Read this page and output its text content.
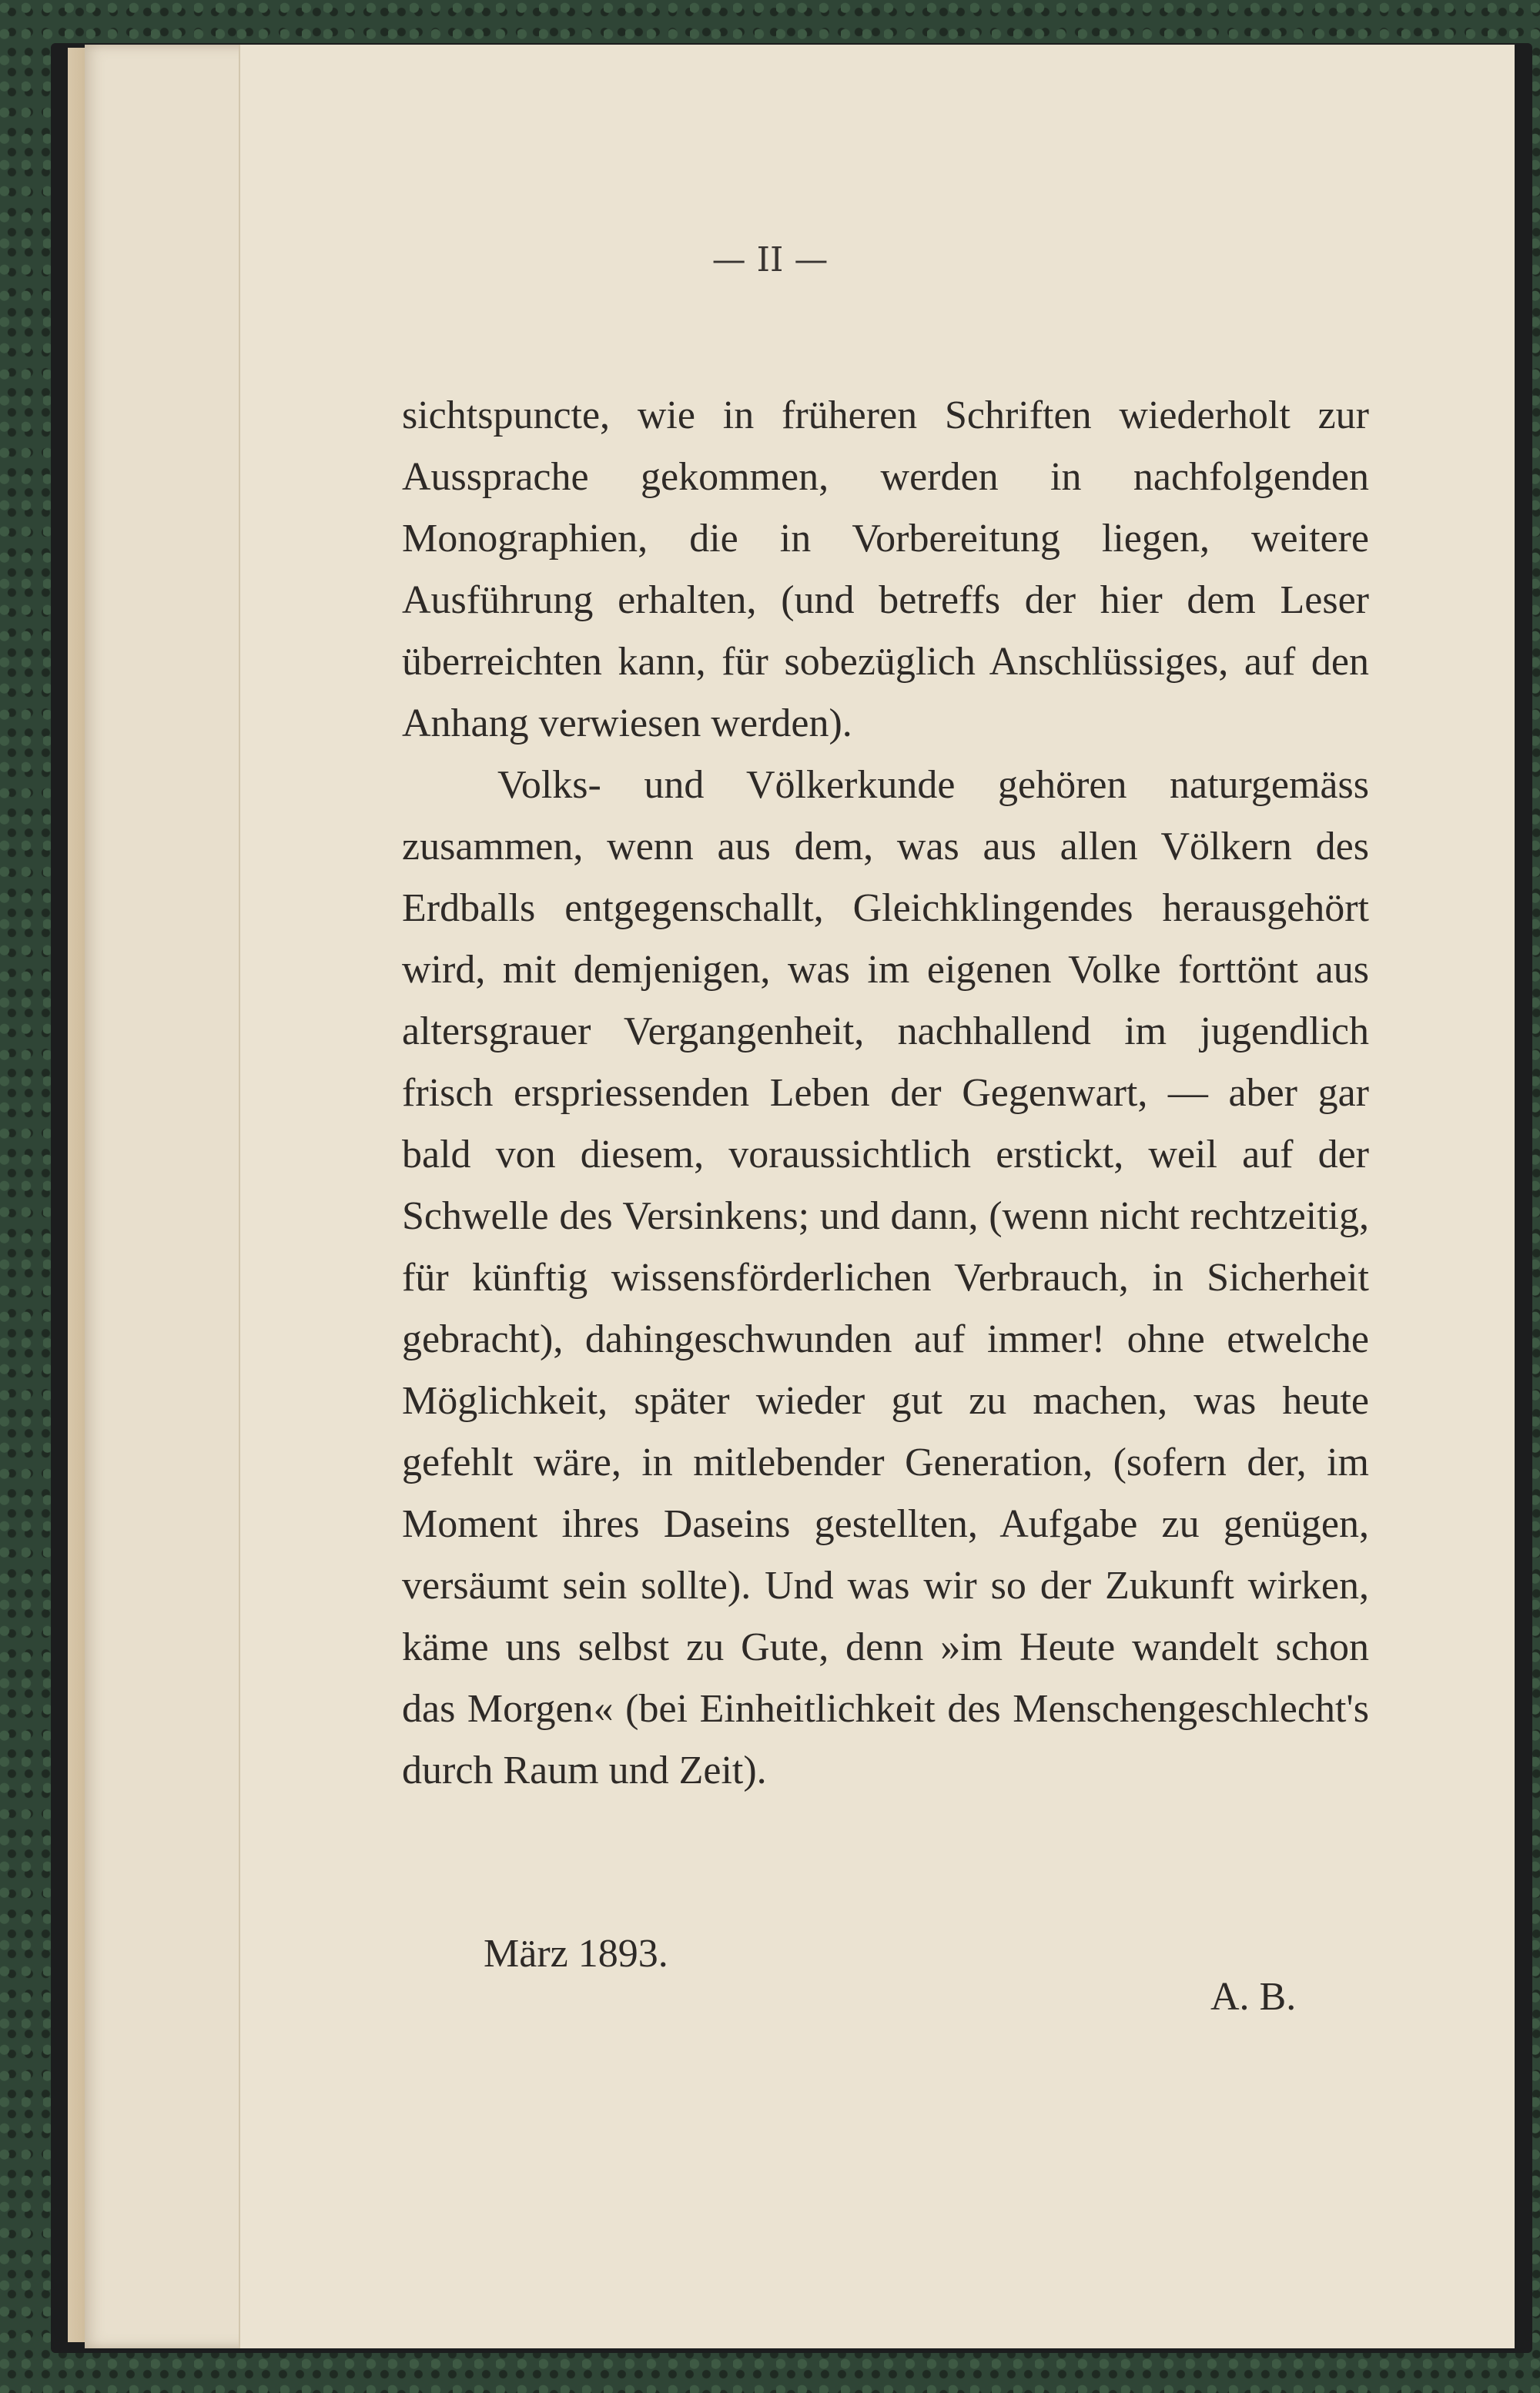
— II —

sichtspuncte, wie in früheren Schriften wiederholt zur Aussprache gekommen, werden in nachfolgenden Monographien, die in Vorbereitung liegen, weitere Ausführung erhalten, (und betreffs der hier dem Leser überreichten kann, für sobezüglich Anschlüssiges, auf den Anhang verwiesen werden).

Volks- und Völkerkunde gehören naturgemäss zusammen, wenn aus dem, was aus allen Völkern des Erdballs entgegenschallt, Gleichklingendes herausgehört wird, mit demjenigen, was im eigenen Volke forttönt aus altersgrauer Vergangenheit, nachhallend im jugendlich frisch erspriessenden Leben der Gegenwart, — aber gar bald von diesem, voraussichtlich erstickt, weil auf der Schwelle des Versinkens; und dann, (wenn nicht rechtzeitig, für künftig wissensförderlichen Verbrauch, in Sicherheit gebracht), dahingeschwunden auf immer! ohne etwelche Möglichkeit, später wieder gut zu machen, was heute gefehlt wäre, in mitlebender Generation, (sofern der, im Moment ihres Daseins gestellten, Aufgabe zu genügen, versäumt sein sollte). Und was wir so der Zukunft wirken, käme uns selbst zu Gute, denn »im Heute wandelt schon das Morgen« (bei Einheitlichkeit des Menschengeschlecht's durch Raum und Zeit).

März 1893.
A. B.
